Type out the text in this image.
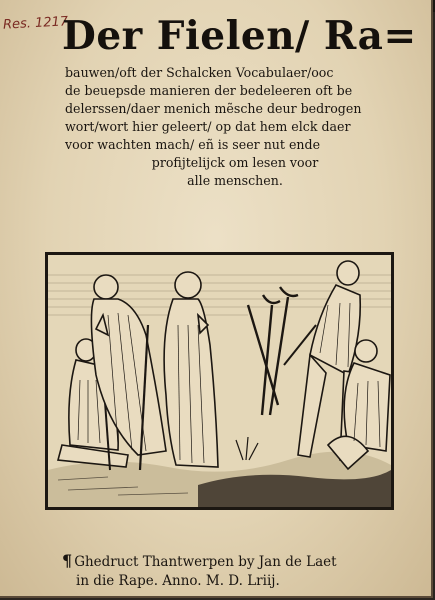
Res. 1217
Der Fielen/ Ra=
bauwen/oft der Schalcken Vocabulaer/ooc
de beuepsde manieren der bedeleeren oft be
delerssen/daer menich mẽsche deur bedrogen
wort/wort hier geleert/ op dat hem elck daer
voor wachten mach/ eñ is seer nut ende
profijtelijck om lesen voor
alle menschen.
¶ Ghedruct Thantwerpen by Jan de Laet
in die Rape. Anno. M. D. Lriij.
